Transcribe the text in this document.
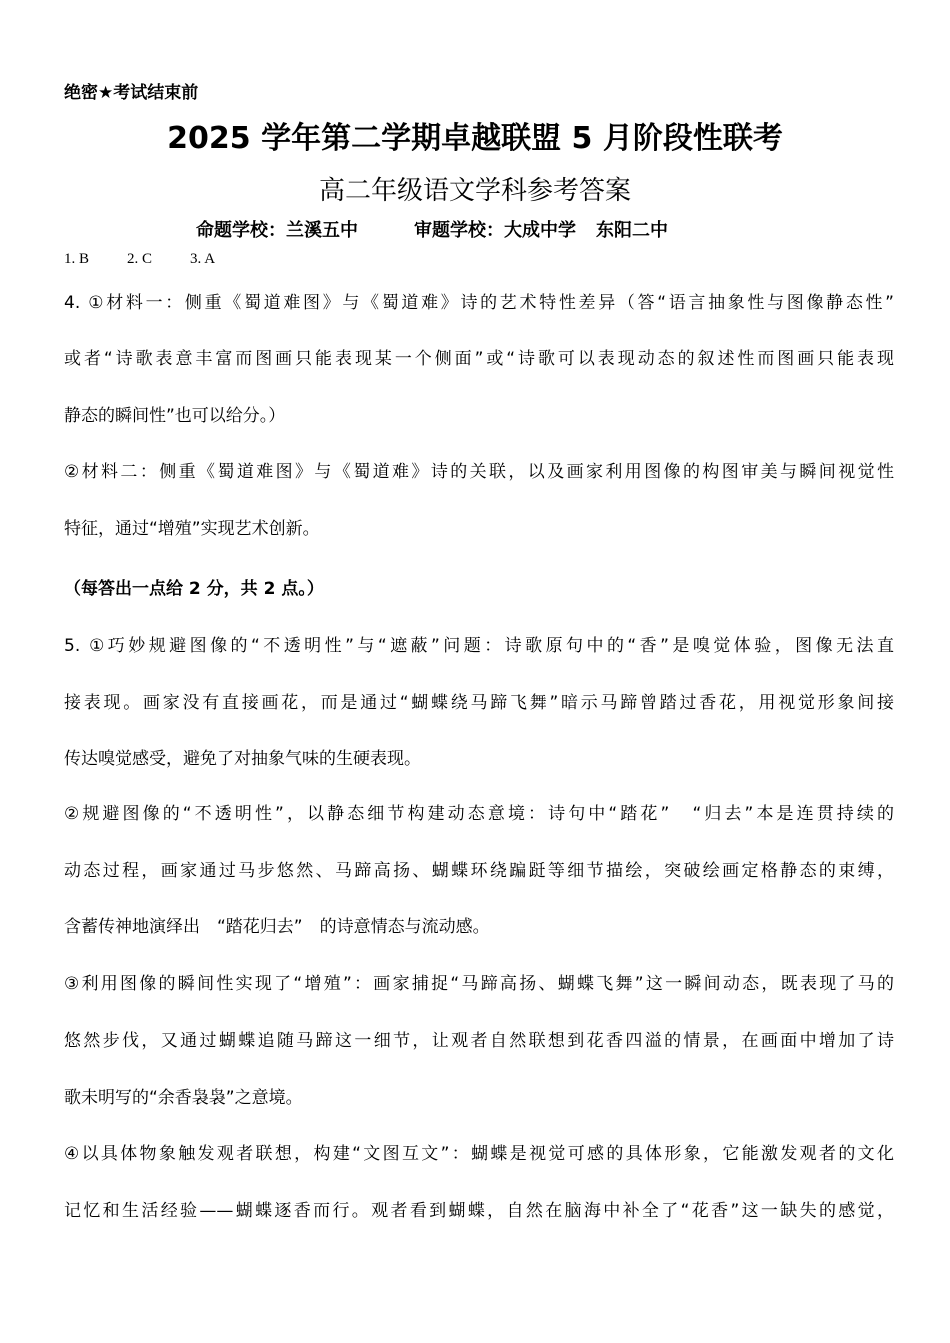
绝密★考试结束前
2025 学年第二学期卓越联盟 5 月阶段性联考
高二年级语文学科参考答案
命题学校：兰溪五中	审题学校：大成中学 东阳二中
1. B	2. C	3. A
4. ①材料一：侧重《蜀道难图》与《蜀道难》诗的艺术特性差异（答“语言抽象性与图像静态性”
或者“诗歌表意丰富而图画只能表现某一个侧面”或“诗歌可以表现动态的叙述性而图画只能表现
静态的瞬间性”也可以给分。）
②材料二：侧重《蜀道难图》与《蜀道难》诗的关联，以及画家利用图像的构图审美与瞬间视觉性
特征，通过“增殖”实现艺术创新。
（每答出一点给 2 分，共 2 点。）
5. ①巧妙规避图像的“不透明性”与“遮蔽”问题：诗歌原句中的“香”是嗅觉体验，图像无法直
接表现。画家没有直接画花，而是通过“蝴蝶绕马蹄飞舞”暗示马蹄曾踏过香花，用视觉形象间接
传达嗅觉感受，避免了对抽象气味的生硬表现。
②规避图像的“不透明性”，以静态细节构建动态意境：诗句中“踏花”　“归去”本是连贯持续的
动态过程，画家通过马步悠然、马蹄高扬、蝴蝶环绕蹁跹等细节描绘，突破绘画定格静态的束缚，
含蓄传神地演绎出　“踏花归去”　的诗意情态与流动感。
③利用图像的瞬间性实现了“增殖”：画家捕捉“马蹄高扬、蝴蝶飞舞”这一瞬间动态，既表现了马的
悠然步伐，又通过蝴蝶追随马蹄这一细节，让观者自然联想到花香四溢的情景，在画面中增加了诗
歌未明写的“余香袅袅”之意境。
④以具体物象触发观者联想，构建“文图互文”：蝴蝶是视觉可感的具体形象，它能激发观者的文化
记忆和生活经验——蝴蝶逐香而行。观者看到蝴蝶，自然在脑海中补全了“花香”这一缺失的感觉，
